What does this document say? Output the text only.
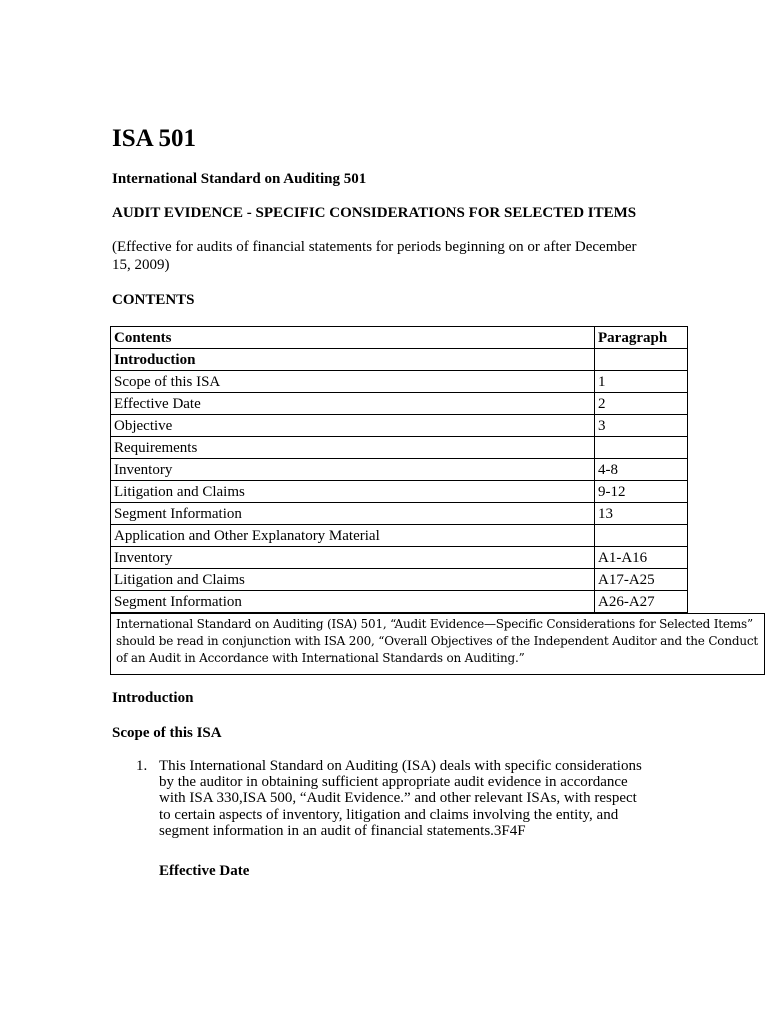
ISA 501

International Standard on Auditing 501

AUDIT EVIDENCE - SPECIFIC CONSIDERATIONS FOR SELECTED ITEMS

(Effective for audits of financial statements for periods beginning on or after December 15, 2009)

CONTENTS

Contents	Paragraph
Introduction	
Scope of this ISA	1
Effective Date	2
Objective	3
Requirements	
Inventory	4-8
Litigation and Claims	9-12
Segment Information	13
Application and Other Explanatory Material	
Inventory	A1-A16
Litigation and Claims	A17-A25
Segment Information	A26-A27
International Standard on Auditing (ISA) 501, “Audit Evidence—Specific Considerations for Selected Items” should be read in conjunction with ISA 200, “Overall Objectives of the Independent Auditor and the Conduct of an Audit in Accordance with International Standards on Auditing.”

Introduction

Scope of this ISA

1. This International Standard on Auditing (ISA) deals with specific considerations by the auditor in obtaining sufficient appropriate audit evidence in accordance with ISA 330,ISA 500, “Audit Evidence.” and other relevant ISAs, with respect to certain aspects of inventory, litigation and claims involving the entity, and segment information in an audit of financial statements.3F4F

Effective Date
